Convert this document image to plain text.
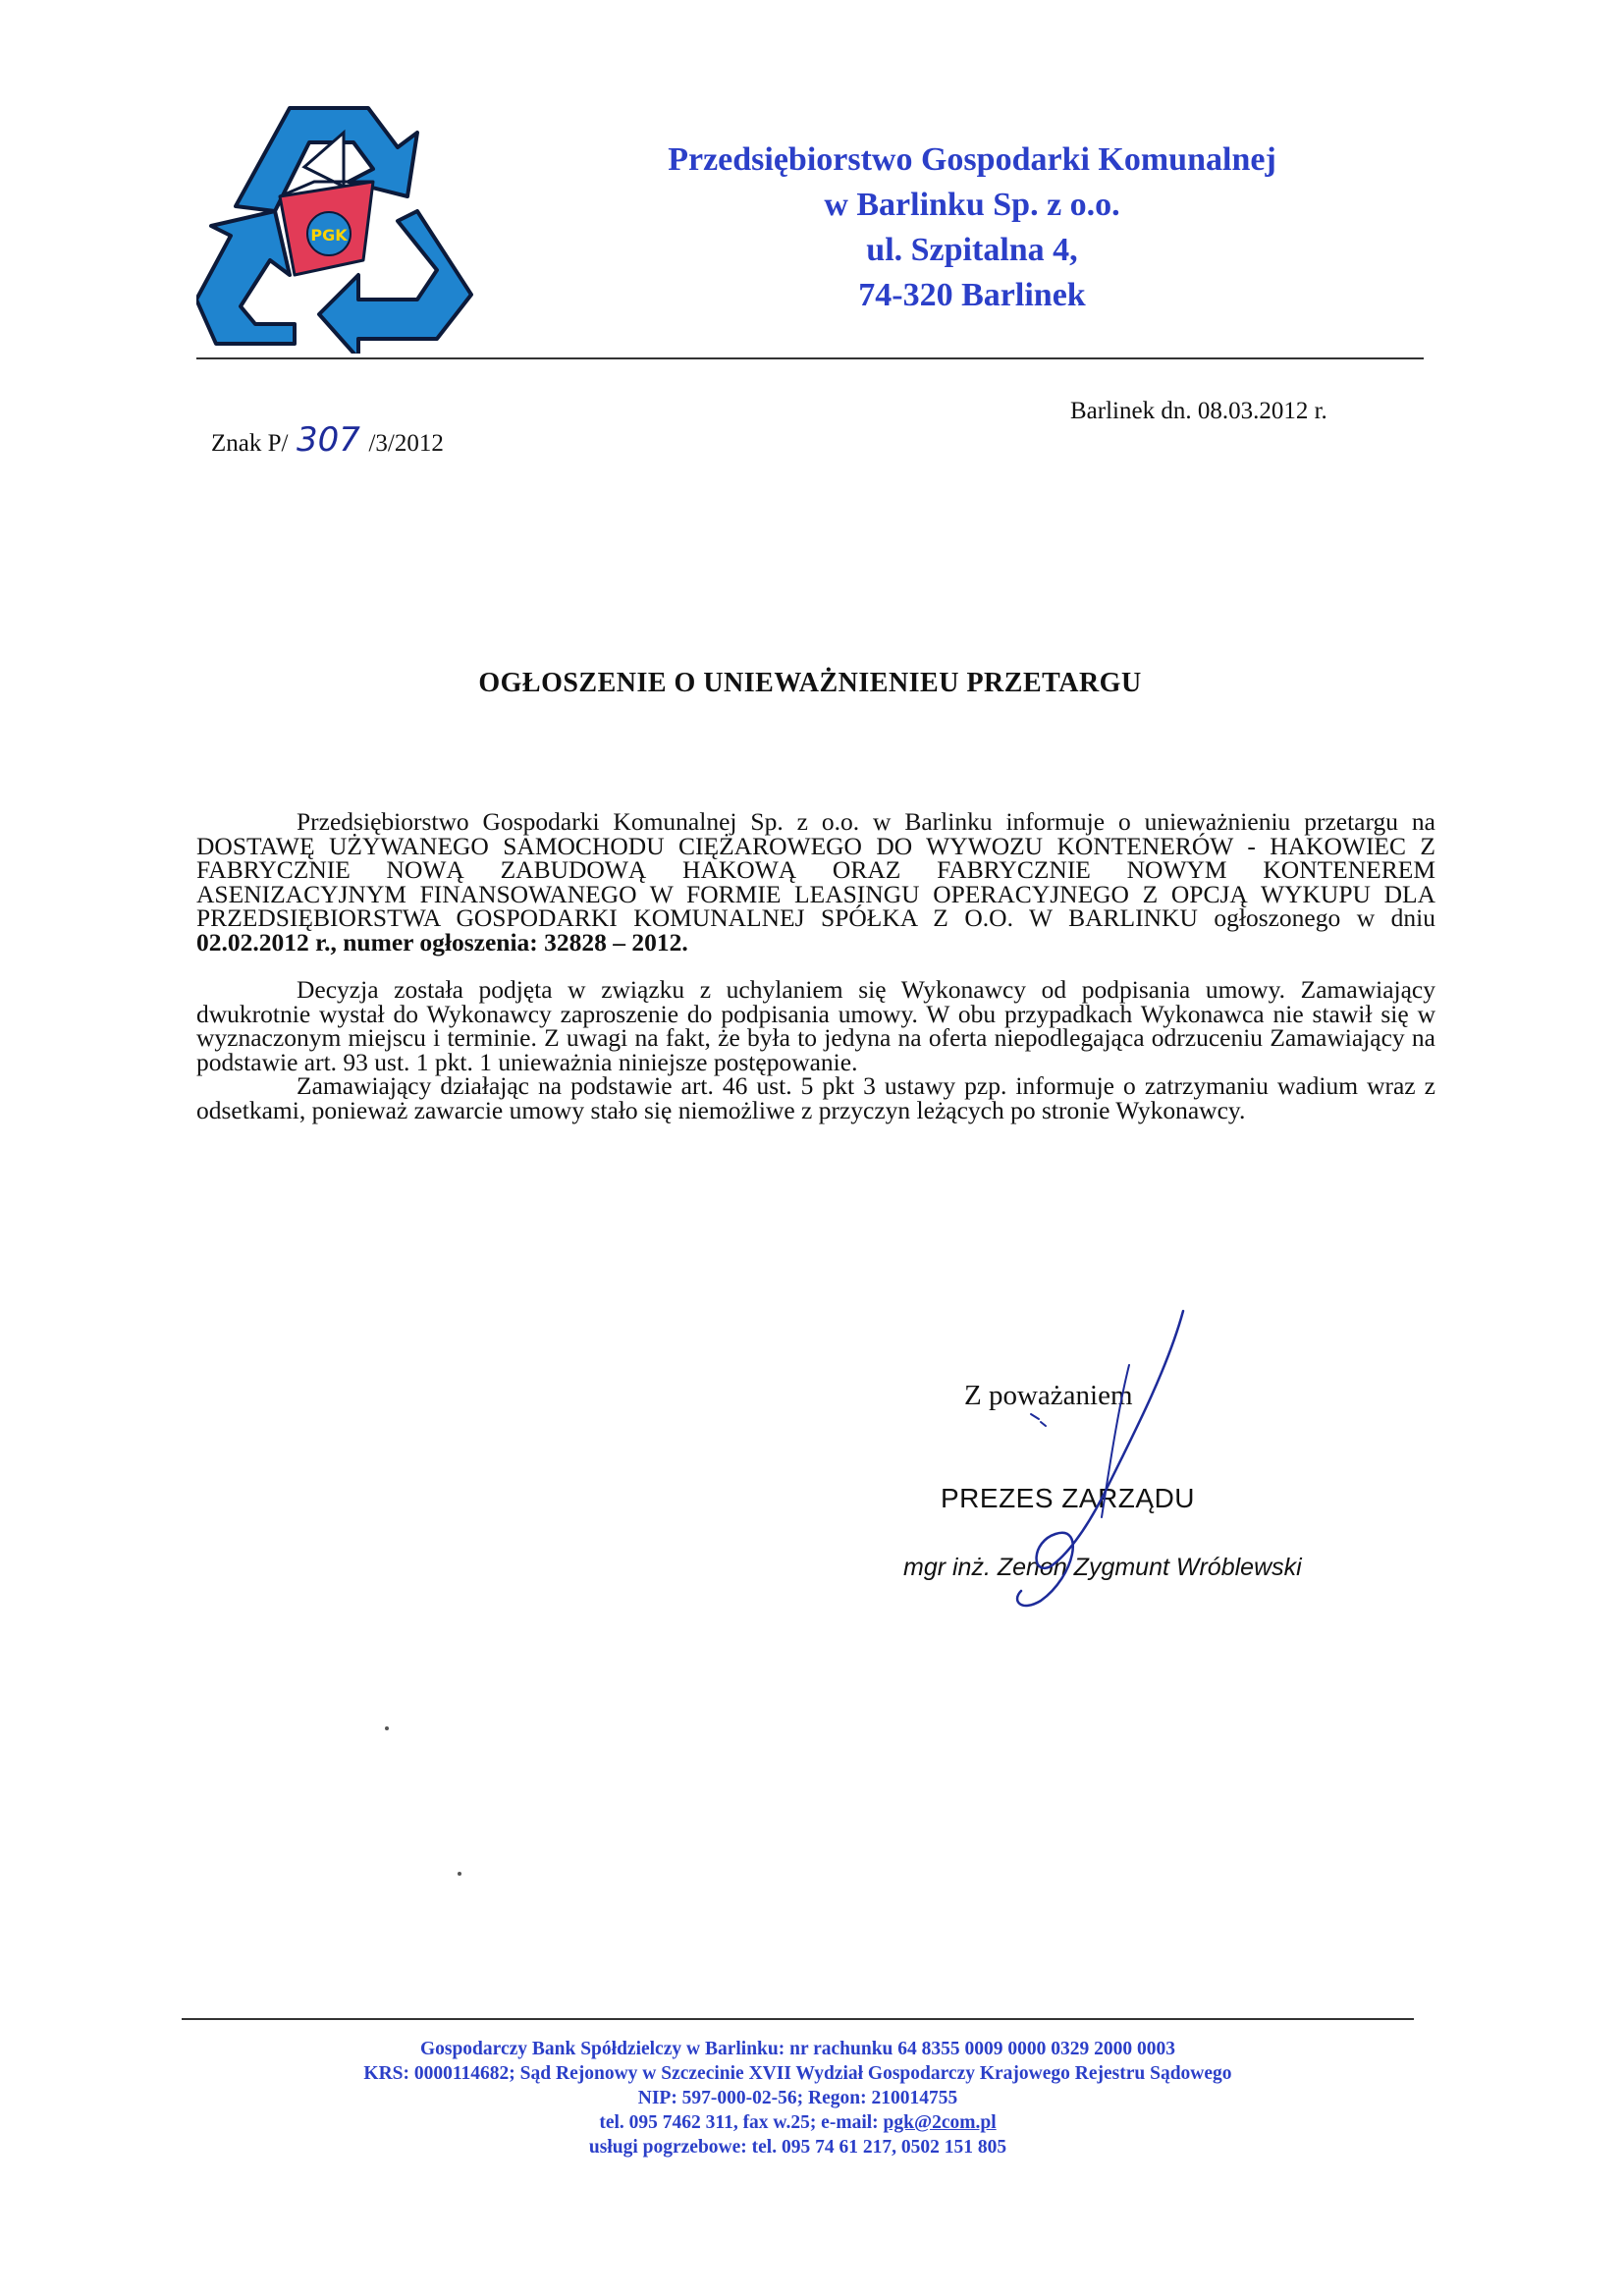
PGK
Przedsiębiorstwo Gospodarki Komunalnej
w Barlinku Sp. z o.o.
ul. Szpitalna 4,
74-320 Barlinek
Znak P/ 307 /3/2012
Barlinek dn. 08.03.2012 r.
OGŁOSZENIE O UNIEWAŻNIENIEU PRZETARGU

Przedsiębiorstwo Gospodarki Komunalnej Sp. z o.o. w Barlinku informuje o unieważnieniu przetargu na DOSTAWĘ UŻYWANEGO SAMOCHODU CIĘŻAROWEGO DO WYWOZU KONTENERÓW - HAKOWIEC Z FABRYCZNIE NOWĄ ZABUDOWĄ HAKOWĄ ORAZ FABRYCZNIE NOWYM KONTENEREM ASENIZACYJNYM FINANSOWANEGO W FORMIE LEASINGU OPERACYJNEGO Z OPCJĄ WYKUPU DLA PRZEDSIĘBIORSTWA GOSPODARKI KOMUNALNEJ SPÓŁKA Z O.O. W BARLINKU ogłoszonego w dniu 02.02.2012 r., numer ogłoszenia: 32828 – 2012.

Decyzja została podjęta w związku z uchylaniem się Wykonawcy od podpisania umowy. Zamawiający dwukrotnie wystał do Wykonawcy zaproszenie do podpisania umowy. W obu przypadkach Wykonawca nie stawił się w wyznaczonym miejscu i terminie. Z uwagi na fakt, że była to jedyna na oferta niepodlegająca odrzuceniu Zamawiający na podstawie art. 93 ust. 1 pkt. 1 unieważnia niniejsze postępowanie.

Zamawiający działając na podstawie art. 46 ust. 5 pkt 3 ustawy pzp. informuje o zatrzymaniu wadium wraz z odsetkami, ponieważ zawarcie umowy stało się niemożliwe z przyczyn leżących po stronie Wykonawcy.

Z poważaniem
PREZES ZARZĄDU
mgr inż. Zenon Zygmunt Wróblewski
Gospodarczy Bank Spółdzielczy w Barlinku: nr rachunku 64 8355 0009 0000 0329 2000 0003
KRS: 0000114682; Sąd Rejonowy w Szczecinie XVII Wydział Gospodarczy Krajowego Rejestru Sądowego
NIP: 597-000-02-56; Regon: 210014755
tel. 095 7462 311, fax w.25; e-mail: pgk@2com.pl
usługi pogrzebowe: tel. 095 74 61 217, 0502 151 805
